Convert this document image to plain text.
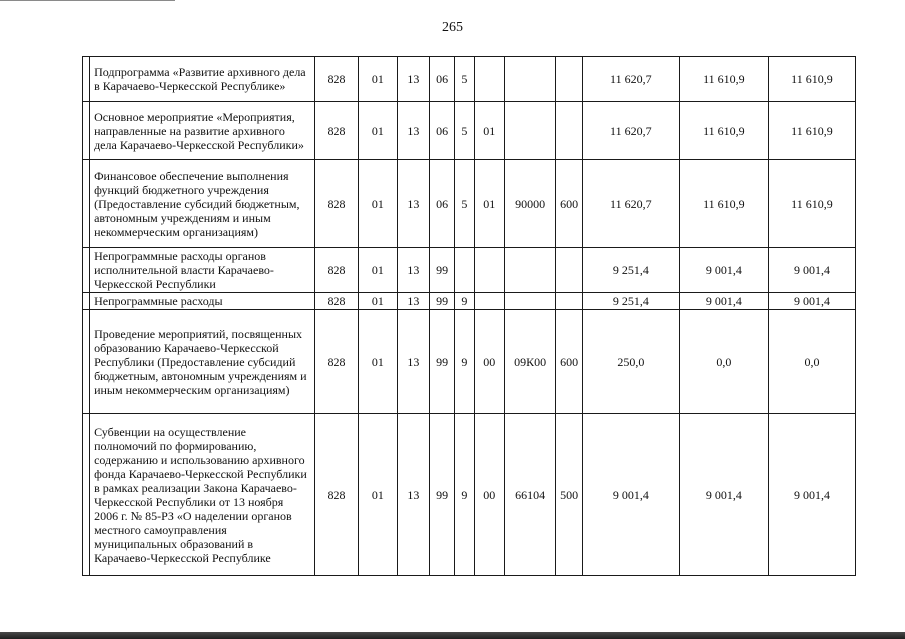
265
	Подпрограмма «Развитие архивного дела в Карачаево-Черкесской Республике»	828	01	13	06	5				11 620,7	11 610,9	11 610,9
	Основное мероприятие «Мероприятия, направленные на развитие архивного дела Карачаево-Черкесской Республики»	828	01	13	06	5	01			11 620,7	11 610,9	11 610,9
	Финансовое обеспечение выполнения функций бюджетного учреждения (Предоставление субсидий бюджетным, автономным учреждениям и иным некоммерческим организациям)	828	01	13	06	5	01	90000	600	11 620,7	11 610,9	11 610,9
	Непрограммные расходы органов исполнительной власти Карачаево-Черкесской Республики	828	01	13	99					9 251,4	9 001,4	9 001,4
	Непрограммные расходы	828	01	13	99	9				9 251,4	9 001,4	9 001,4
	Проведение мероприятий, посвященных образованию Карачаево-Черкесской Республики (Предоставление субсидий бюджетным, автономным учреждениям и иным некоммерческим организациям)	828	01	13	99	9	00	09К00	600	250,0	0,0	0,0
	Субвенции на осуществление полномочий по формированию, содержанию и использованию архивного фонда Карачаево-Черкесской Республики в рамках реализации Закона Карачаево-Черкесской Республики от 13 ноября 2006 г. № 85-РЗ «О наделении органов местного самоуправления муниципальных образований в Карачаево-Черкесской Республике	828	01	13	99	9	00	66104	500	9 001,4	9 001,4	9 001,4
